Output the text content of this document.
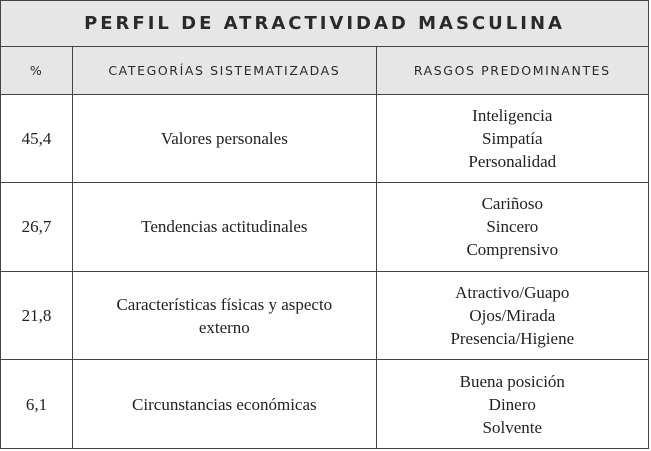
PERFIL DE ATRACTIVIDAD MASCULINA		
%	CATEGORÍAS SISTEMATIZADAS	RASGOS PREDOMINANTES
45,4	Valores personales	Inteligencia
Simpatía
Personalidad

26,7	Tendencias actitudinales	Cariñoso
Sincero
Comprensivo

21,8	Características físicas y aspecto externo	Atractivo/Guapo
Ojos/Mirada
Presencia/Higiene

6,1	Circunstancias económicas	Buena posición
Dinero
Solvente
